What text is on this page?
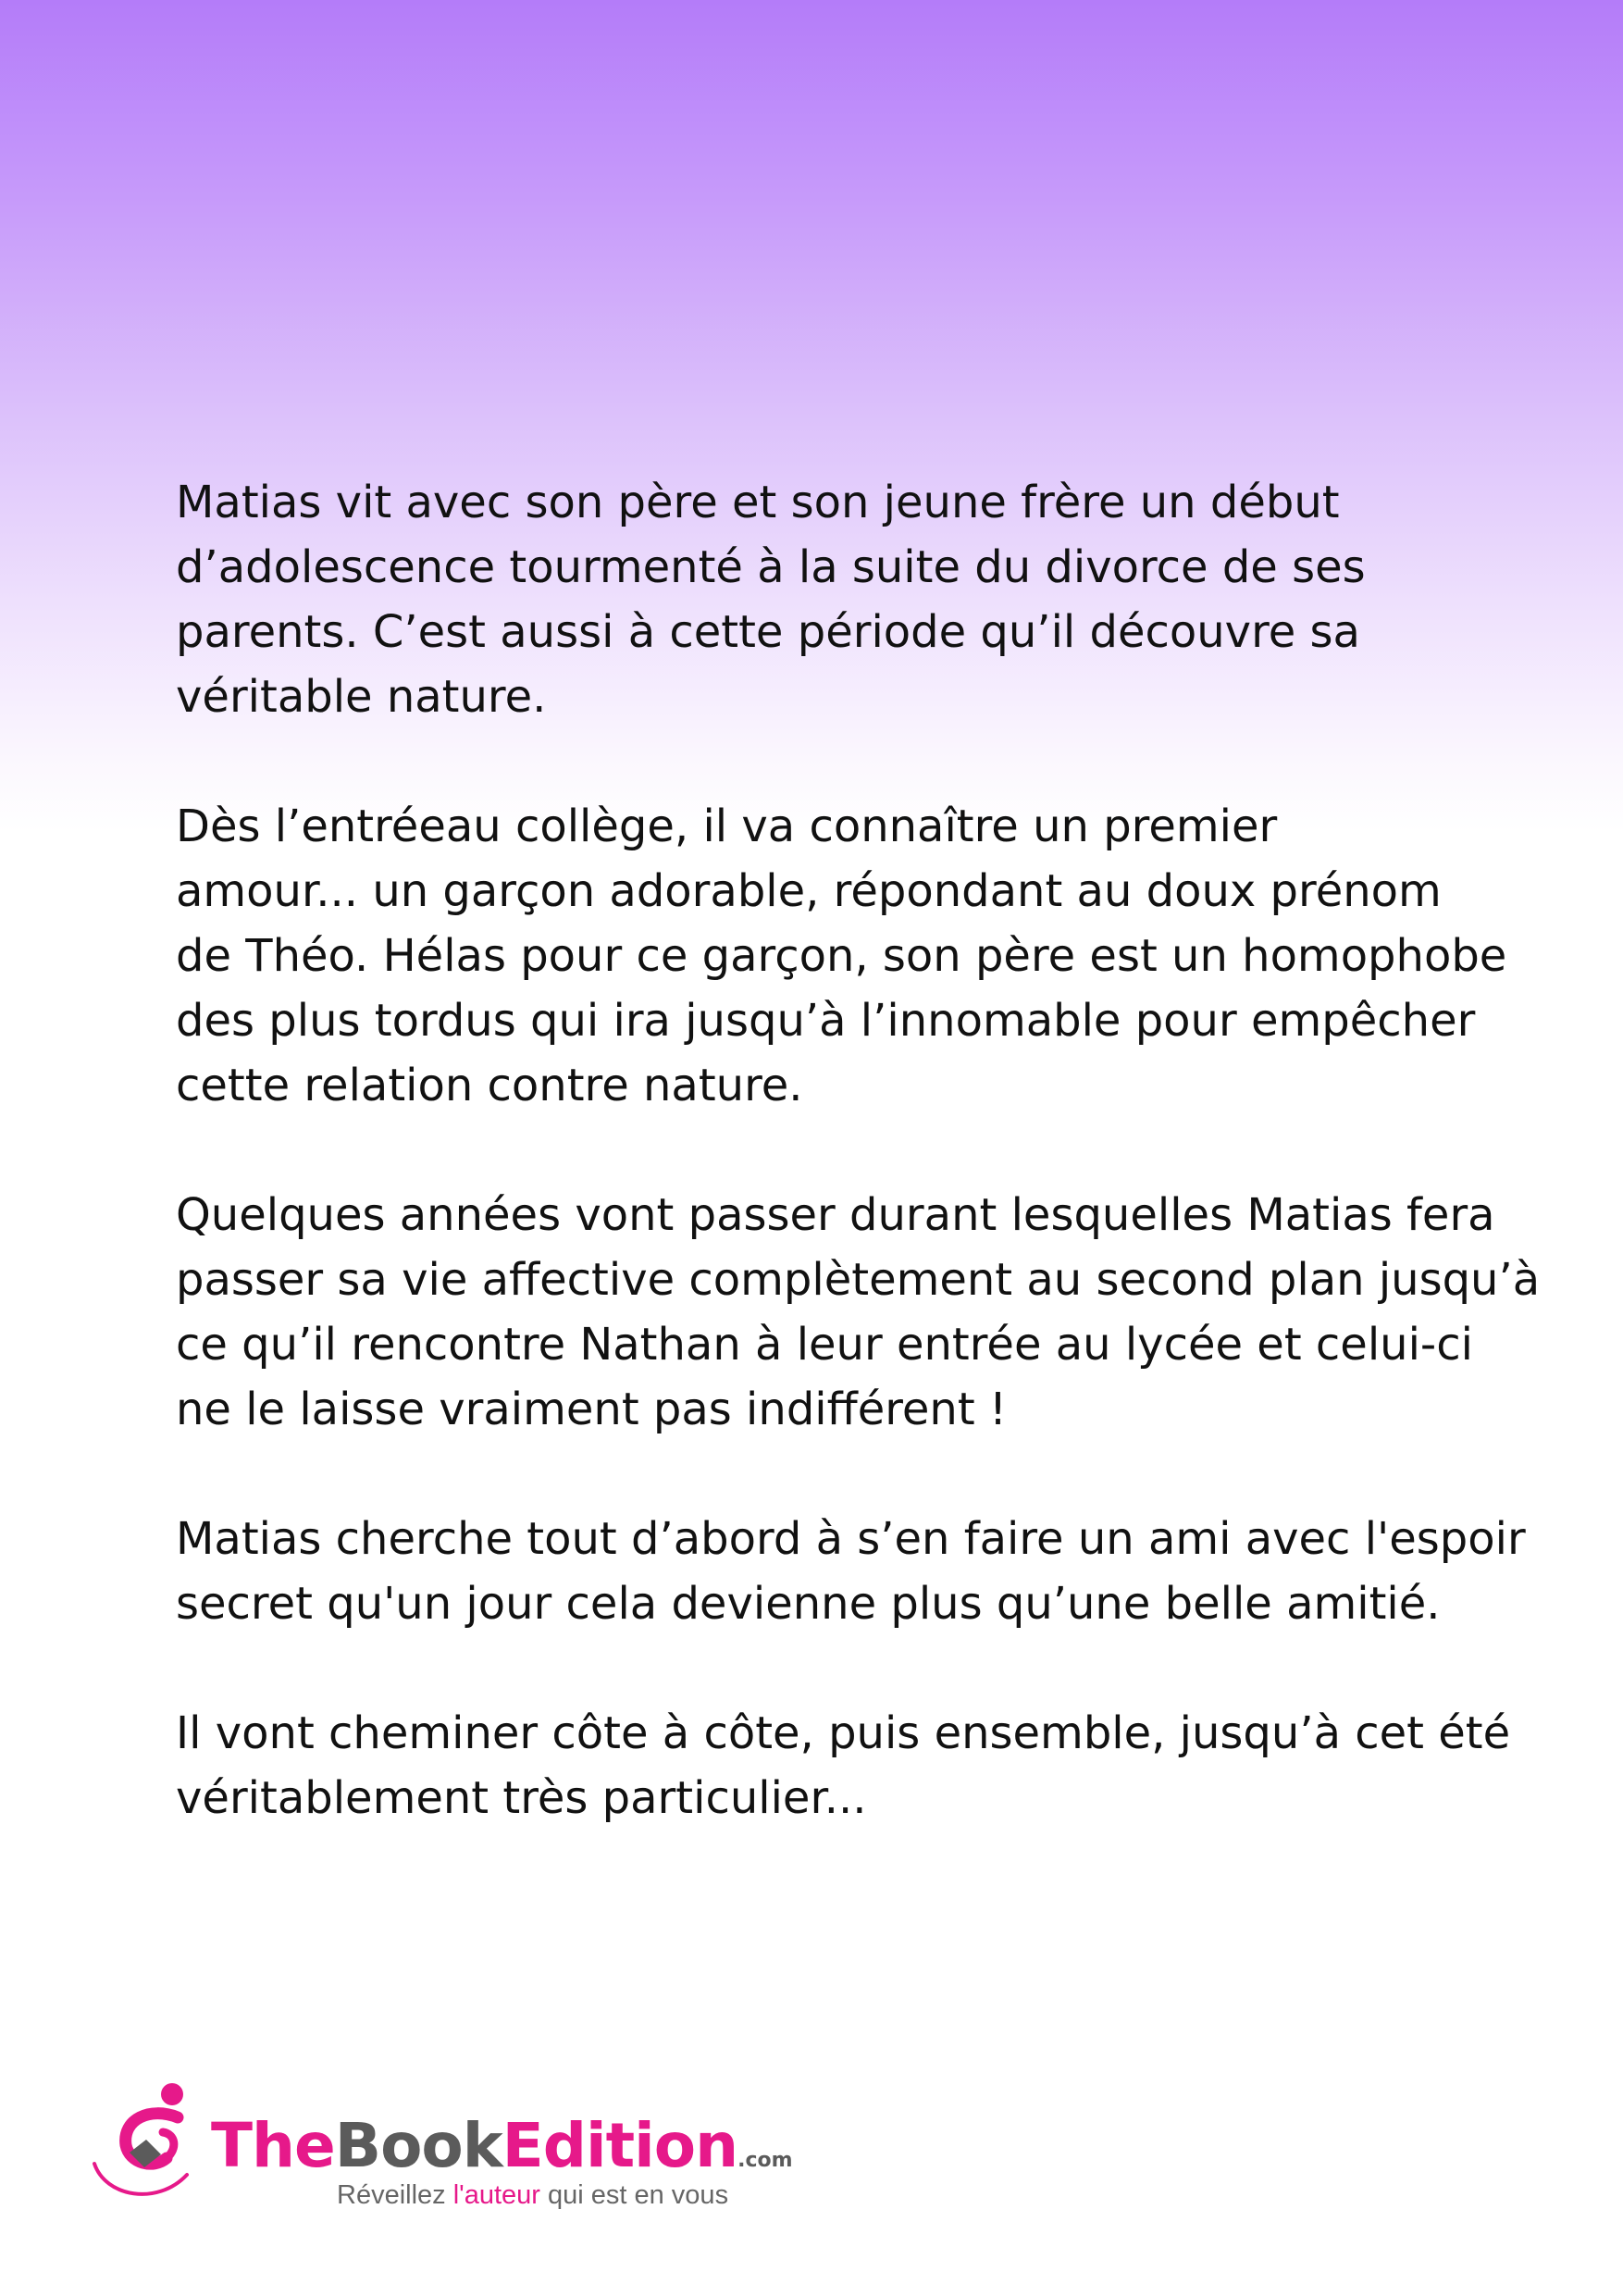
Matias vit avec son père et son jeune frère un début
d’adolescence tourmenté à la suite du divorce de ses
parents. C’est aussi à cette période qu’il découvre sa
véritable nature.

Dès l’entréeau collège, il va connaître un premier
amour... un garçon adorable, répondant au doux prénom
de Théo. Hélas pour ce garçon, son père est un homophobe
des plus tordus qui ira jusqu’à l’innomable pour empêcher
cette relation contre nature.

Quelques années vont passer durant lesquelles Matias fera
passer sa vie affective complètement au second plan jusqu’à
ce qu’il rencontre Nathan à leur entrée au lycée et celui-ci
ne le laisse vraiment pas indifférent !

Matias cherche tout d’abord à s’en faire un ami avec l'espoir
secret qu'un jour cela devienne plus qu’une belle amitié.

Il vont cheminer côte à côte, puis ensemble, jusqu’à cet été
véritablement très particulier...

TheBookEdition.com
Réveillez l'auteur qui est en vous
